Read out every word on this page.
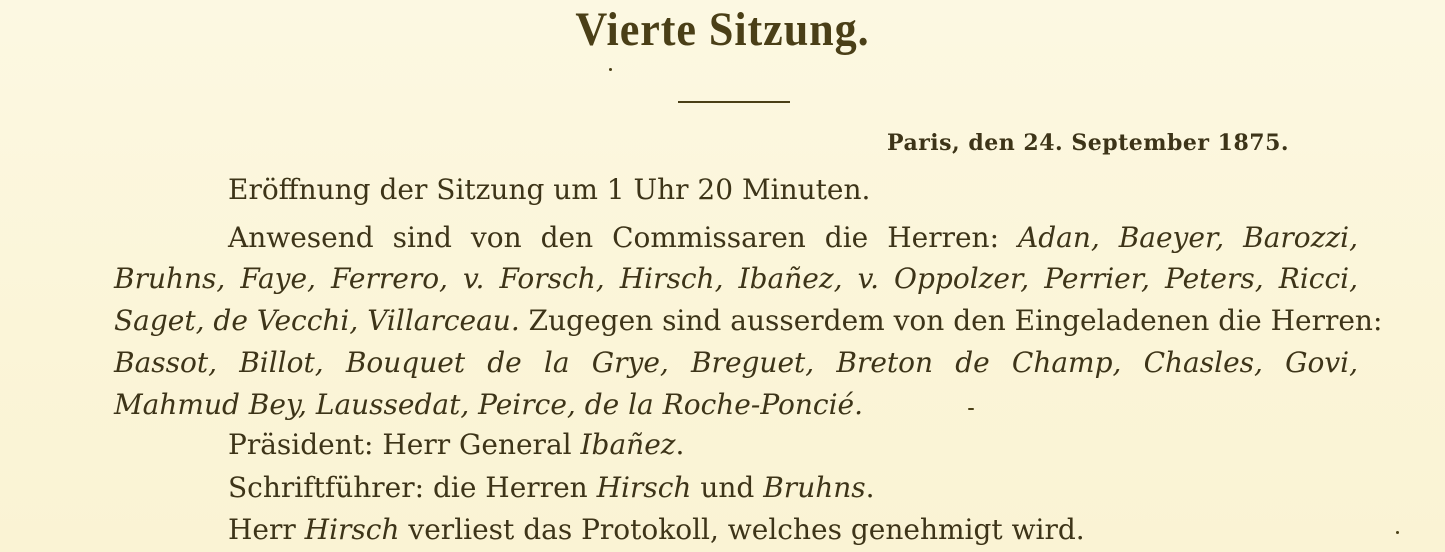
Vierte Sitzung.
Paris, den 24. September 1875.
Eröffnung der Sitzung um 1 Uhr 20 Minuten.
Anwesend sind von den Commissaren die Herren: Adan, Baeyer, Barozzi,
Bruhns, Faye, Ferrero, v. Forsch, Hirsch, Ibañez, v. Oppolzer, Perrier, Peters, Ricci,
Saget, de Vecchi, Villarceau. Zugegen sind ausserdem von den Eingeladenen die Herren:
Bassot, Billot, Bouquet de la Grye, Breguet, Breton de Champ, Chasles, Govi,
Mahmud Bey, Laussedat, Peirce, de la Roche-Poncié.
Präsident: Herr General Ibañez.
Schriftführer: die Herren Hirsch und Bruhns.
Herr Hirsch verliest das Protokoll, welches genehmigt wird.
